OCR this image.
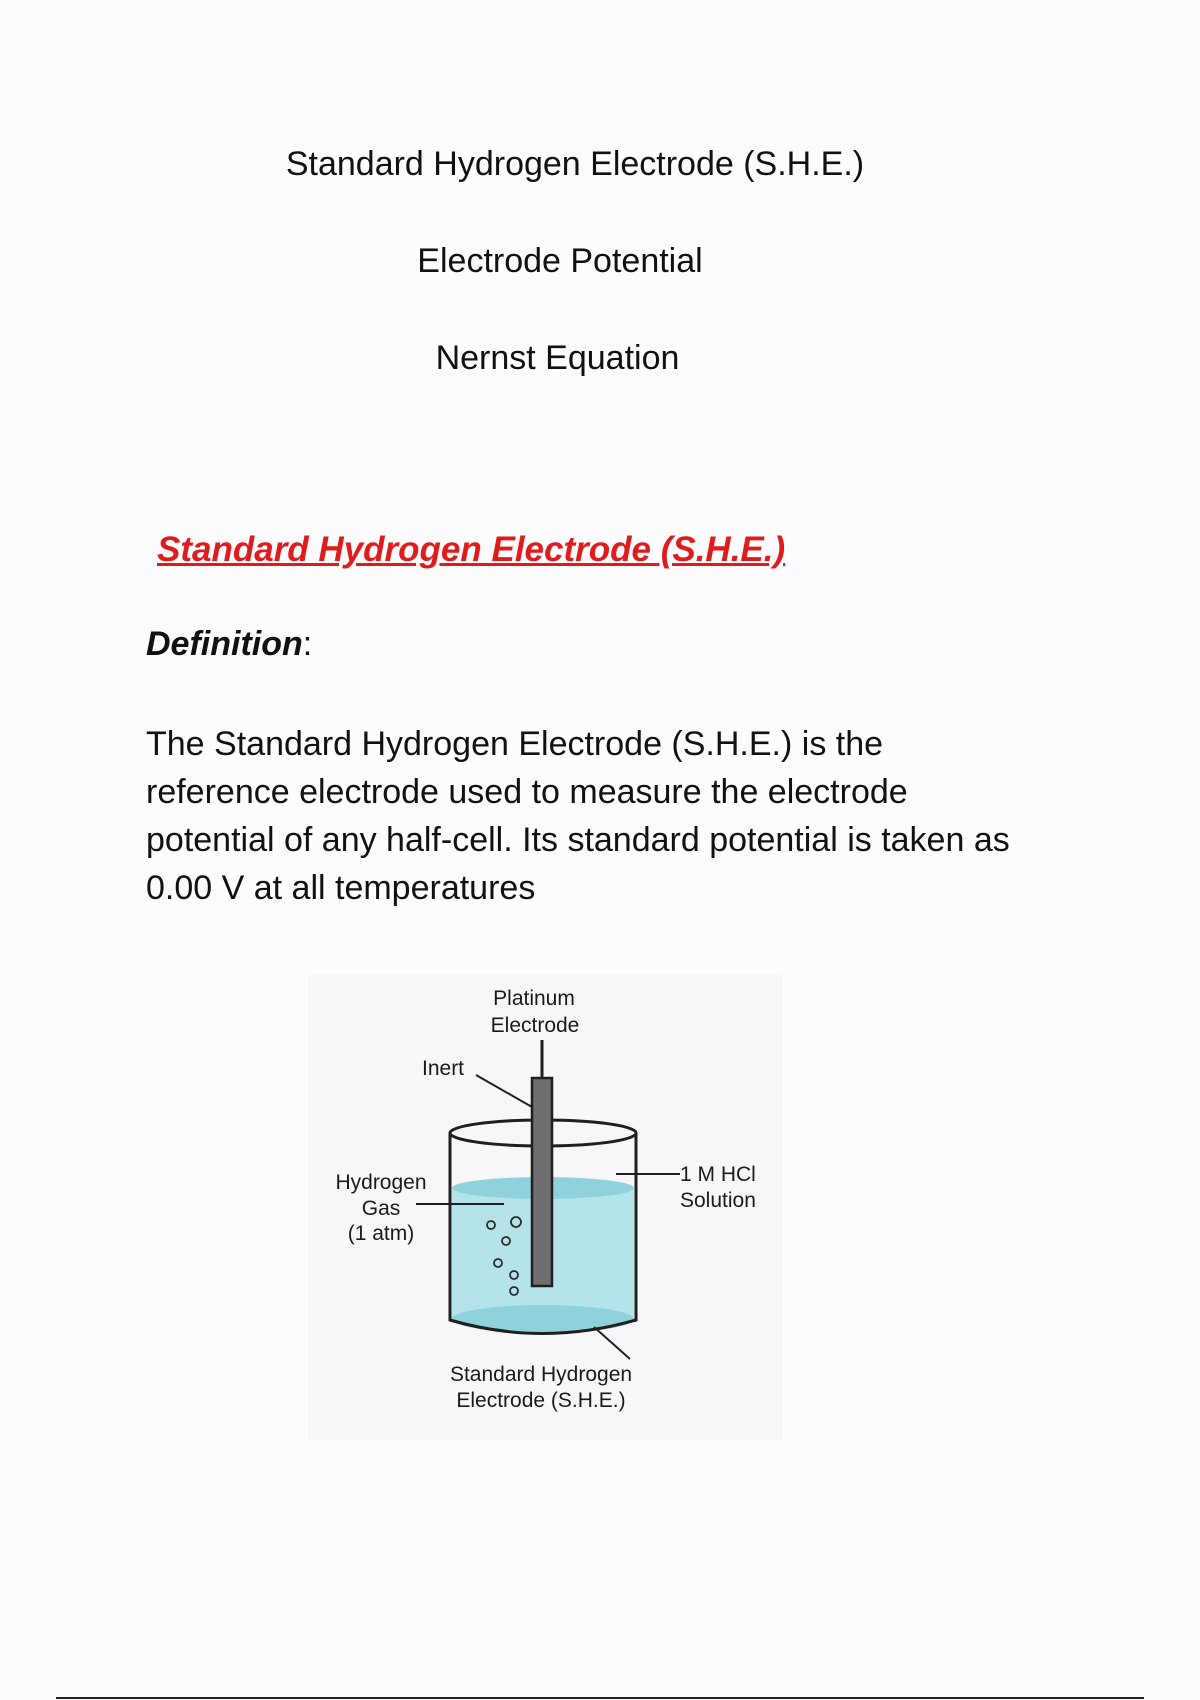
Standard Hydrogen Electrode (S.H.E.)
Electrode Potential
Nernst Equation
Standard Hydrogen Electrode (S.H.E.)

Definition:

The Standard Hydrogen Electrode (S.H.E.) is the
reference electrode used to measure the electrode
potential of any half-cell. Its standard potential is taken as
0.00 V at all temperatures

Platinum
Electrode
Inert
Hydrogen
Gas
(1 atm)
1 M HCl
Solution
Standard Hydrogen
Electrode (S.H.E.)
